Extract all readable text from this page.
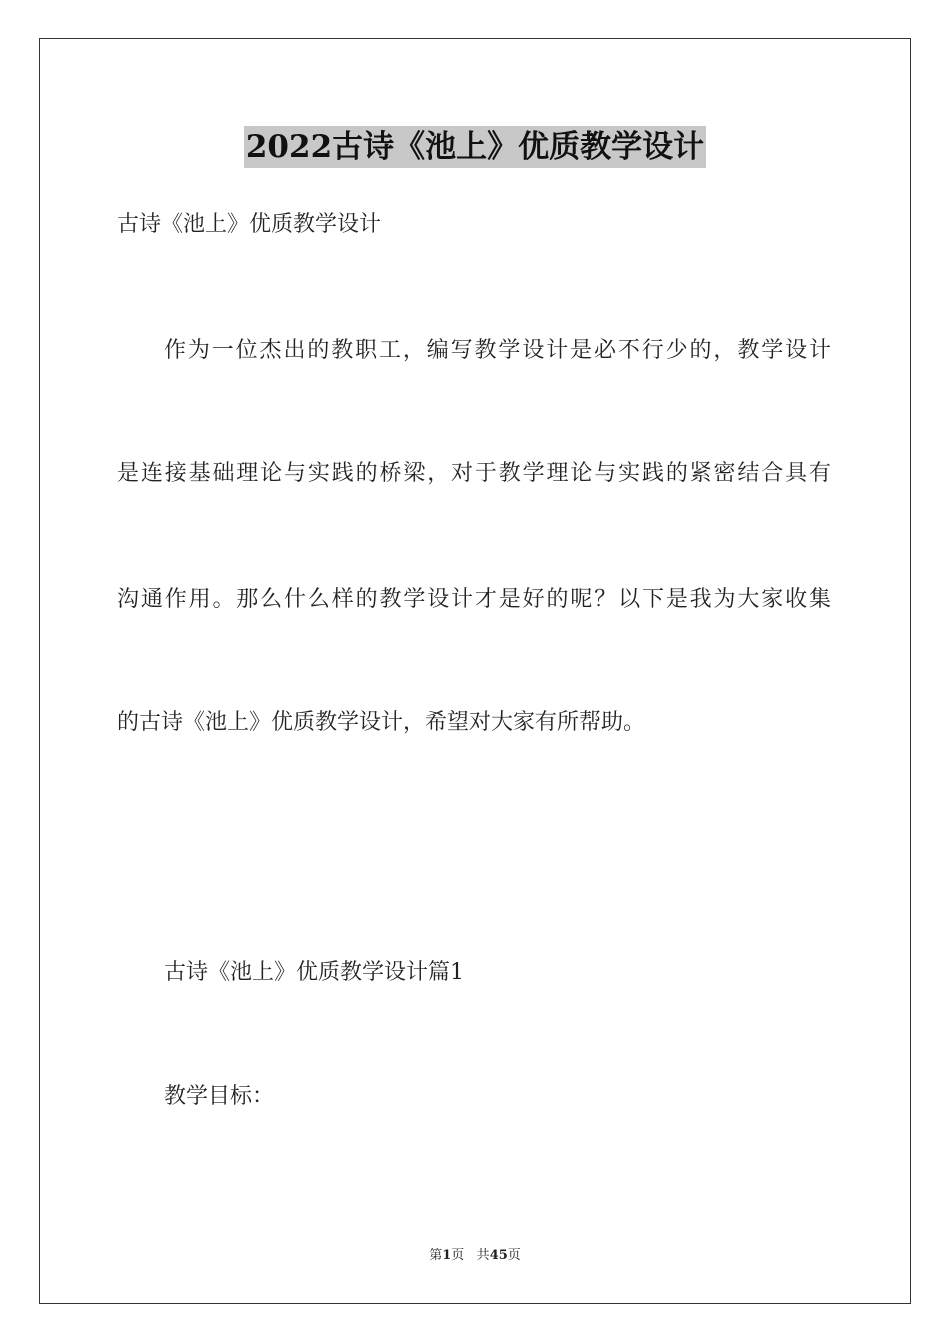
2022古诗《池上》优质教学设计
古诗《池上》优质教学设计
作为一位杰出的教职工，编写教学设计是必不行少的，教学设计
是连接基础理论与实践的桥梁，对于教学理论与实践的紧密结合具有
沟通作用。那么什么样的教学设计才是好的呢？以下是我为大家收集
的古诗《池上》优质教学设计，希望对大家有所帮助。
古诗《池上》优质教学设计篇1
教学目标：
第1页 共45页
